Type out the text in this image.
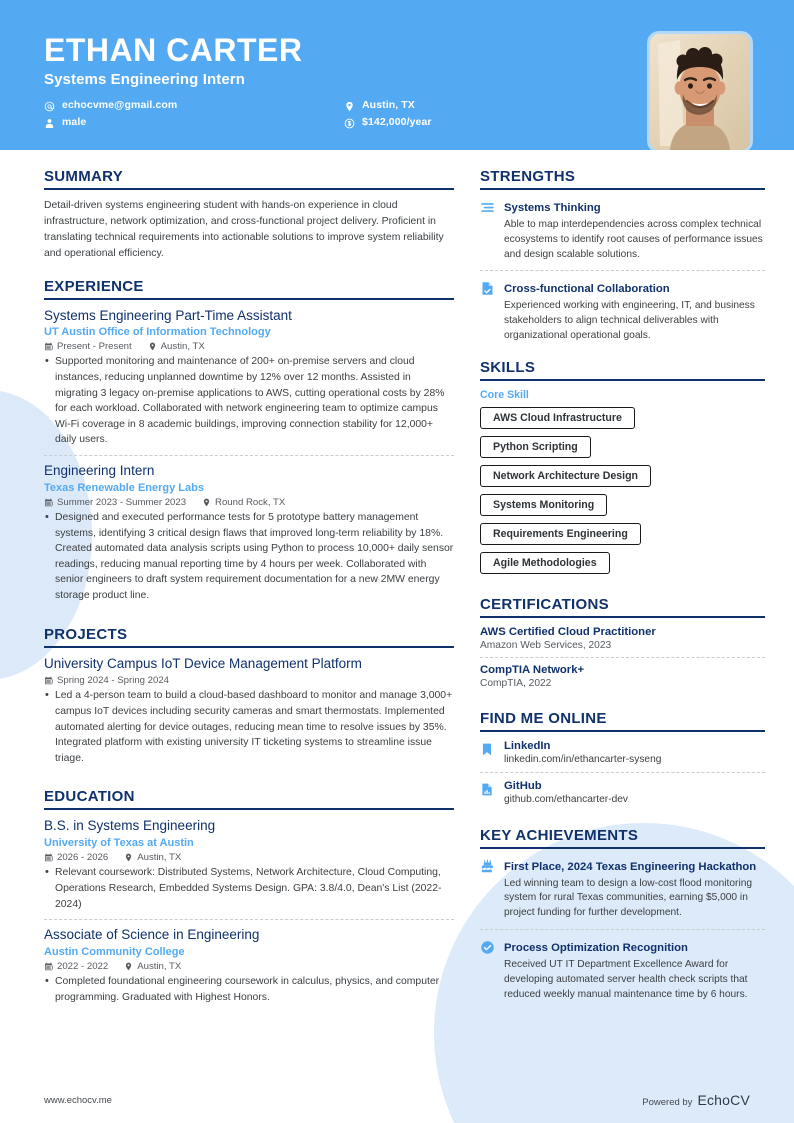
ETHAN CARTER
Systems Engineering Intern
echocvme@gmail.com	Austin, TX
male	$142,000/year
SUMMARY
Detail-driven systems engineering student with hands-on experience in cloud infrastructure, network optimization, and cross-functional project delivery. Proficient in translating technical requirements into actionable solutions to improve system reliability and operational efficiency.
EXPERIENCE
Systems Engineering Part-Time Assistant
UT Austin Office of Information Technology
Present - Present	Austin, TX
• Supported monitoring and maintenance of 200+ on-premise servers and cloud instances, reducing unplanned downtime by 12% over 12 months. Assisted in migrating 3 legacy on-premise applications to AWS, cutting operational costs by 28% for each workload. Collaborated with network engineering team to optimize campus Wi-Fi coverage in 8 academic buildings, improving connection stability for 12,000+ daily users.
Engineering Intern
Texas Renewable Energy Labs
Summer 2023 - Summer 2023	Round Rock, TX
• Designed and executed performance tests for 5 prototype battery management systems, identifying 3 critical design flaws that improved long-term reliability by 18%. Created automated data analysis scripts using Python to process 10,000+ daily sensor readings, reducing manual reporting time by 4 hours per week. Collaborated with senior engineers to draft system requirement documentation for a new 2MW energy storage product line.
PROJECTS
University Campus IoT Device Management Platform
Spring 2024 - Spring 2024
• Led a 4-person team to build a cloud-based dashboard to monitor and manage 3,000+ campus IoT devices including security cameras and smart thermostats. Implemented automated alerting for device outages, reducing mean time to resolve issues by 35%. Integrated platform with existing university IT ticketing systems to streamline issue triage.
EDUCATION
B.S. in Systems Engineering
University of Texas at Austin
2026 - 2026	Austin, TX
• Relevant coursework: Distributed Systems, Network Architecture, Cloud Computing, Operations Research, Embedded Systems Design. GPA: 3.8/4.0, Dean's List (2022-2024)
Associate of Science in Engineering
Austin Community College
2022 - 2022	Austin, TX
• Completed foundational engineering coursework in calculus, physics, and computer programming. Graduated with Highest Honors.
STRENGTHS
Systems Thinking
Able to map interdependencies across complex technical ecosystems to identify root causes of performance issues and design scalable solutions.
Cross-functional Collaboration
Experienced working with engineering, IT, and business stakeholders to align technical deliverables with organizational operational goals.
SKILLS
Core Skill
AWS Cloud Infrastructure
Python Scripting
Network Architecture Design
Systems Monitoring
Requirements Engineering
Agile Methodologies
CERTIFICATIONS
AWS Certified Cloud Practitioner
Amazon Web Services, 2023
CompTIA Network+
CompTIA, 2022
FIND ME ONLINE
LinkedIn
linkedin.com/in/ethancarter-syseng
GitHub
github.com/ethancarter-dev
KEY ACHIEVEMENTS
First Place, 2024 Texas Engineering Hackathon
Led winning team to design a low-cost flood monitoring system for rural Texas communities, earning $5,000 in project funding for further development.
Process Optimization Recognition
Received UT IT Department Excellence Award for developing automated server health check scripts that reduced weekly manual maintenance time by 6 hours.
www.echocv.me	Powered by EchoCV
